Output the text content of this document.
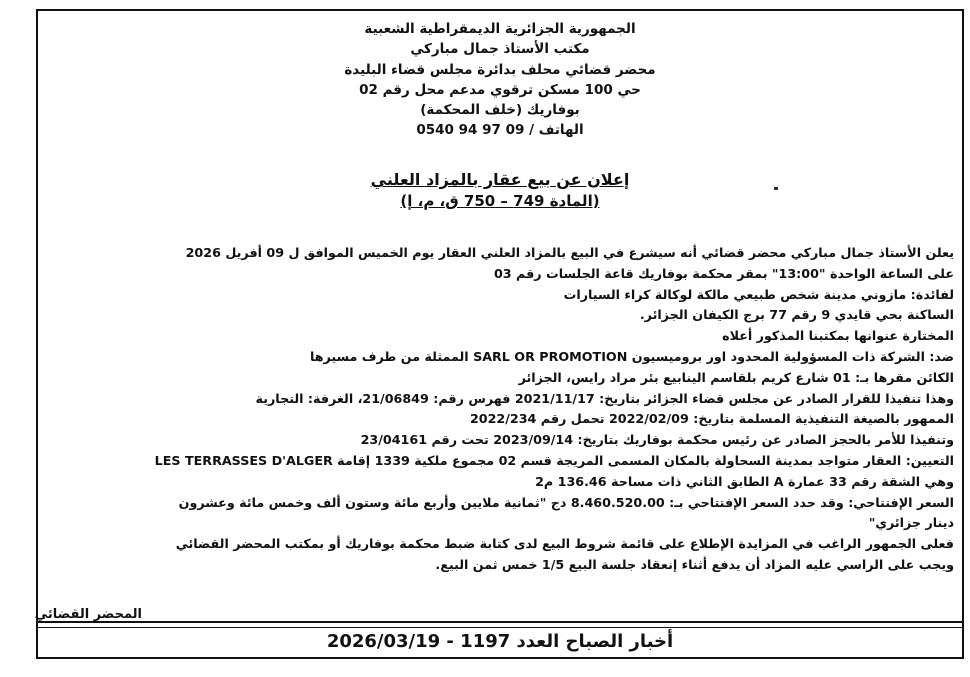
الجمهورية الجزائرية الديمقراطية الشعبية
مكتب الأستاذ جمال مباركي
محضر قضائي محلف بدائرة مجلس قضاء البليدة
حي 100 مسكن ترقوي مدعم محل رقم 02
بوفاريك (خلف المحكمة)
الهاتف / 09 97 94 0540
إعلان عن بيع عقار بالمزاد العلني
(المادة 749 – 750 ق، م، إ)
يعلن الأستاذ جمال مباركي محضر قضائي أنه سيشرع في البيع بالمزاد العلني العقار يوم الخميس الموافق ل 09 أفريل 2026
على الساعة الواحدة "13:00" بمقر محكمة بوفاريك قاعة الجلسات رقم 03
لفائدة: مازوني مدينة شخص طبيعي مالكة لوكالة كراء السيارات
الساكنة بحي قايدي 9 رقم 77 برج الكيفان الجزائر.
المختارة عنوانها بمكتبنا المذكور أعلاه
ضد: الشركة ذات المسؤولية المحدود اور بروميسيون SARL OR PROMOTION الممثلة من طرف مسيرها
الكائن مقرها بـ: 01 شارع كريم بلقاسم الينابيع بئر مراد رايس، الجزائر
وهذا تنفيذا للقرار الصادر عن مجلس قضاء الجزائر بتاريخ: 2021/11/17 فهرس رقم: 21/06849، الغرفة: التجارية
الممهور بالصيغة التنفيذية المسلمة بتاريخ: 2022/02/09 تحمل رقم 2022/234
وتنفيذا للأمر بالحجز الصادر عن رئيس محكمة بوفاريك بتاريخ: 2023/09/14 تحت رقم 23/04161
التعيين: العقار متواجد بمدينة السحاولة بالمكان المسمى المريجة قسم 02 مجموع ملكية 1339 إقامة LES TERRASSES D'ALGER
وهي الشقة رقم 33 عمارة A الطابق الثاني ذات مساحة 136.46 م2
السعر الإفتتاحي: وقد حدد السعر الإفتتاحي بـ: 8.460.520.00 دج "ثمانية ملايين وأربع مائة وستون ألف وخمس مائة وعشرون
دينار جزائري"
فعلى الجمهور الراغب في المزايدة الإطلاع على قائمة شروط البيع لدى كتابة ضبط محكمة بوفاريك أو بمكتب المحضر القضائي
ويجب على الراسي عليه المزاد أن يدفع أثناء إنعقاد جلسة البيع 1/5 خمس ثمن البيع.
المحضر القضائي
أخبار الصباح العدد 1197 - 2026/03/19
